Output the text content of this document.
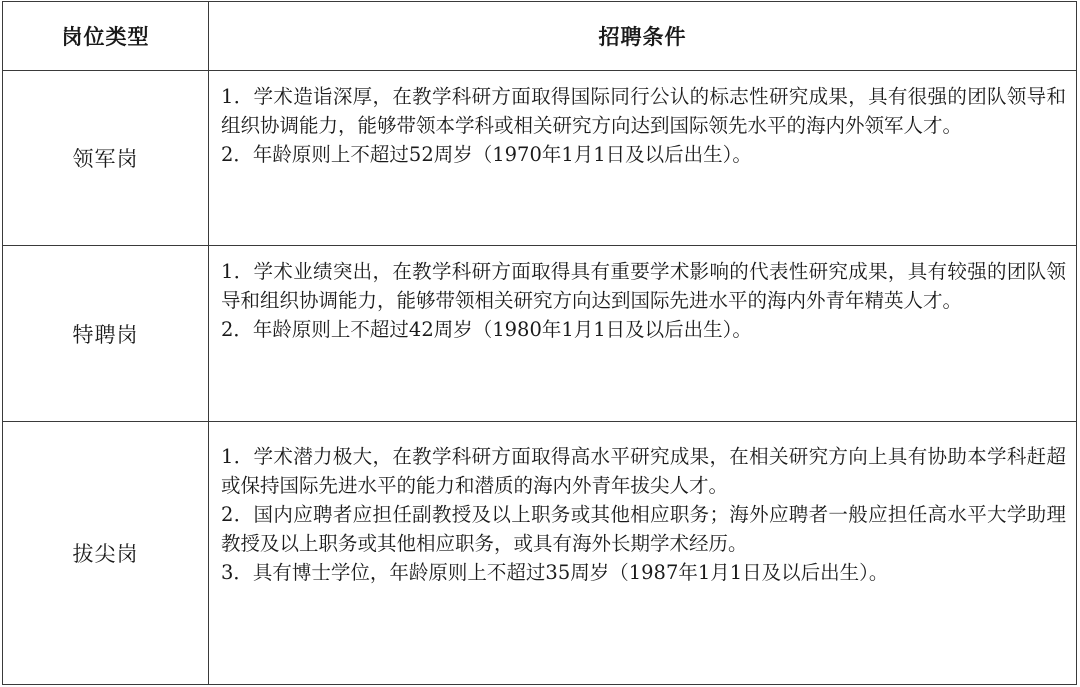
岗位类型	招聘条件
领军岗	1．学术造诣深厚，在教学科研方面取得国际同行公认的标志性研究成果，具有很强的团队领导和组织协调能力，能够带领本学科或相关研究方向达到国际领先水平的海内外领军人才。

2．年龄原则上不超过52周岁（1970年1月1日及以后出生）。

特聘岗	1．学术业绩突出，在教学科研方面取得具有重要学术影响的代表性研究成果，具有较强的团队领导和组织协调能力，能够带领相关研究方向达到国际先进水平的海内外青年精英人才。

2．年龄原则上不超过42周岁（1980年1月1日及以后出生）。

拔尖岗	1．学术潜力极大，在教学科研方面取得高水平研究成果，在相关研究方向上具有协助本学科赶超或保持国际先进水平的能力和潜质的海内外青年拔尖人才。

2．国内应聘者应担任副教授及以上职务或其他相应职务；海外应聘者一般应担任高水平大学助理教授及以上职务或其他相应职务，或具有海外长期学术经历。

3．具有博士学位，年龄原则上不超过35周岁（1987年1月1日及以后出生）。
